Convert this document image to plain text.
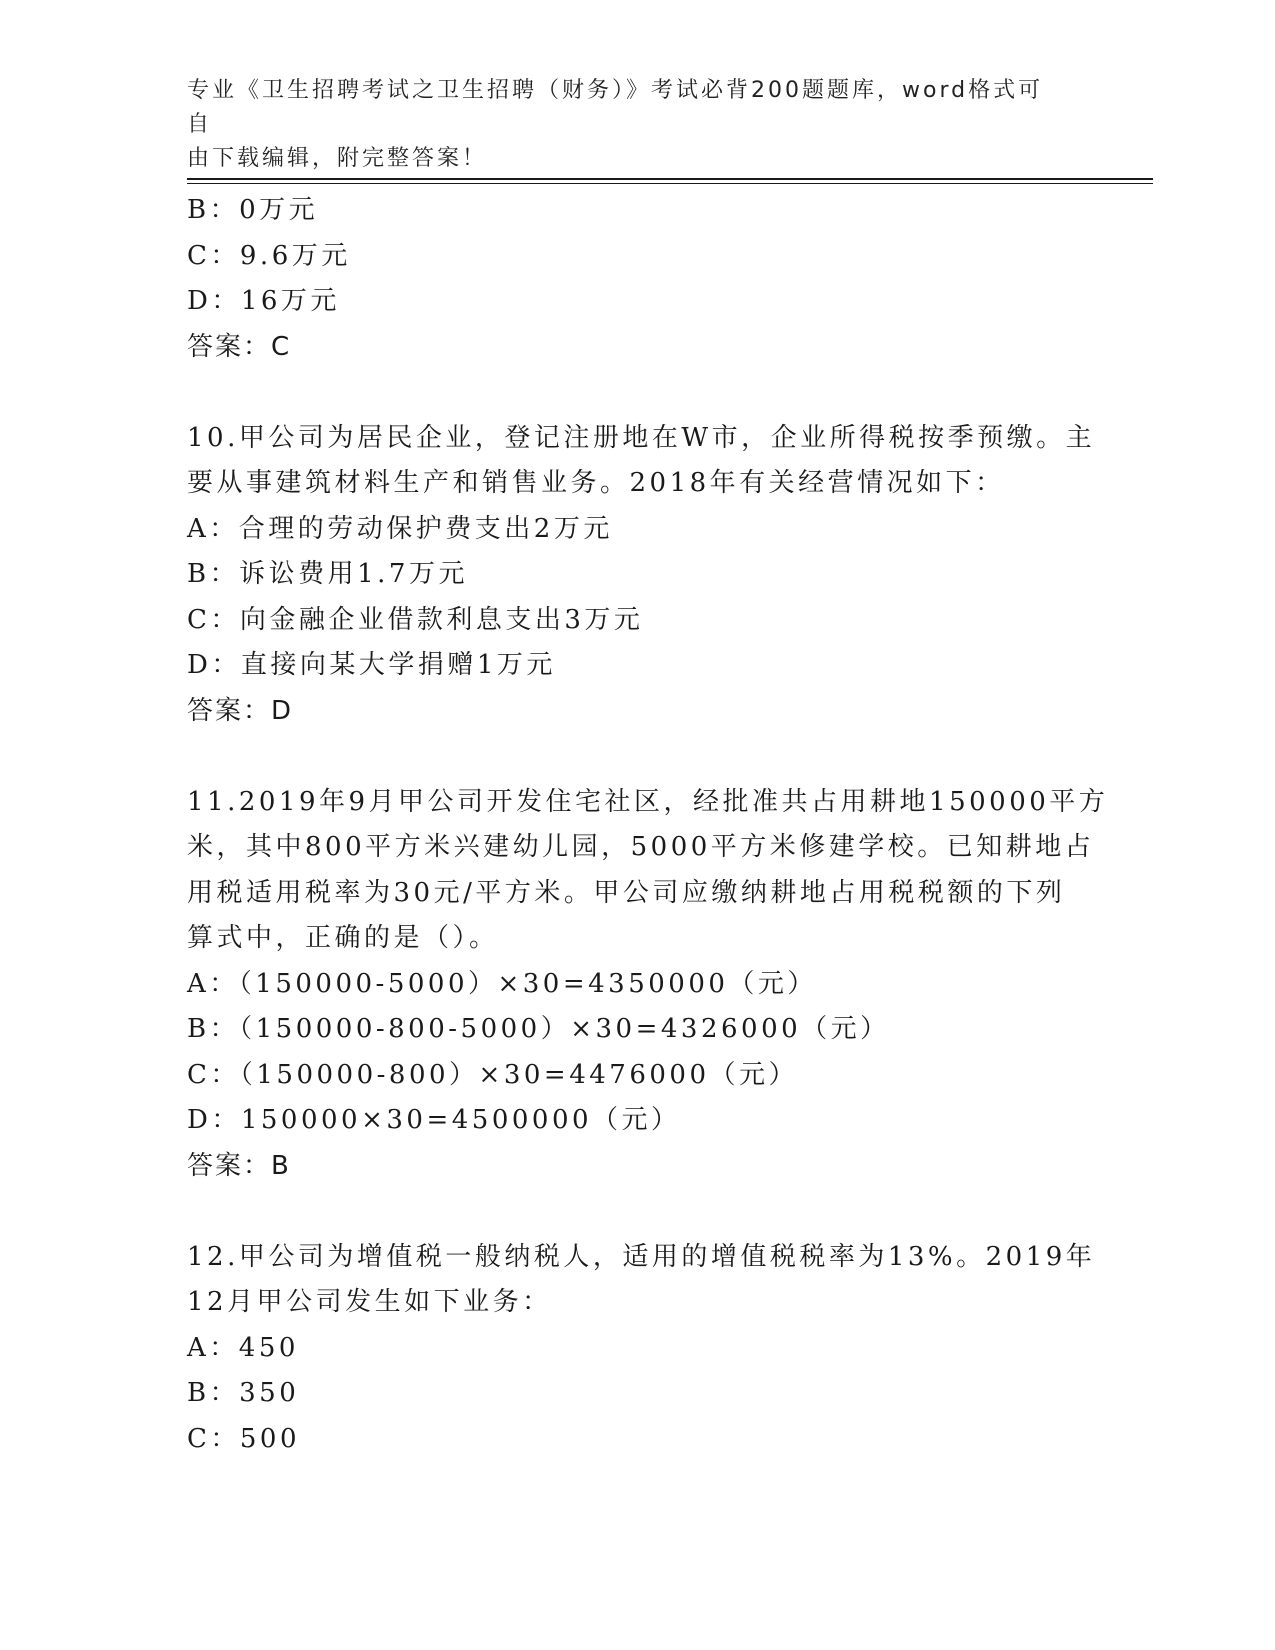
专业《卫生招聘考试之卫生招聘（财务）》考试必背200题题库，word格式可自
由下载编辑，附完整答案！
B：0万元
C：9.6万元
D：16万元
答案：C
10.甲公司为居民企业，登记注册地在W市，企业所得税按季预缴。主
要从事建筑材料生产和销售业务。2018年有关经营情况如下：
A：合理的劳动保护费支出2万元
B：诉讼费用1.7万元
C：向金融企业借款利息支出3万元
D：直接向某大学捐赠1万元
答案：D
11.2019年9月甲公司开发住宅社区，经批准共占用耕地150000平方
米，其中800平方米兴建幼儿园，5000平方米修建学校。已知耕地占
用税适用税率为30元/平方米。甲公司应缴纳耕地占用税税额的下列
算式中，正确的是（）。
A：（150000-5000）×30=4350000（元）
B：（150000-800-5000）×30=4326000（元）
C：（150000-800）×30=4476000（元）
D：150000×30=4500000（元）
答案：B
12.甲公司为增值税一般纳税人，适用的增值税税率为13%。2019年
12月甲公司发生如下业务：
A：450
B：350
C：500
